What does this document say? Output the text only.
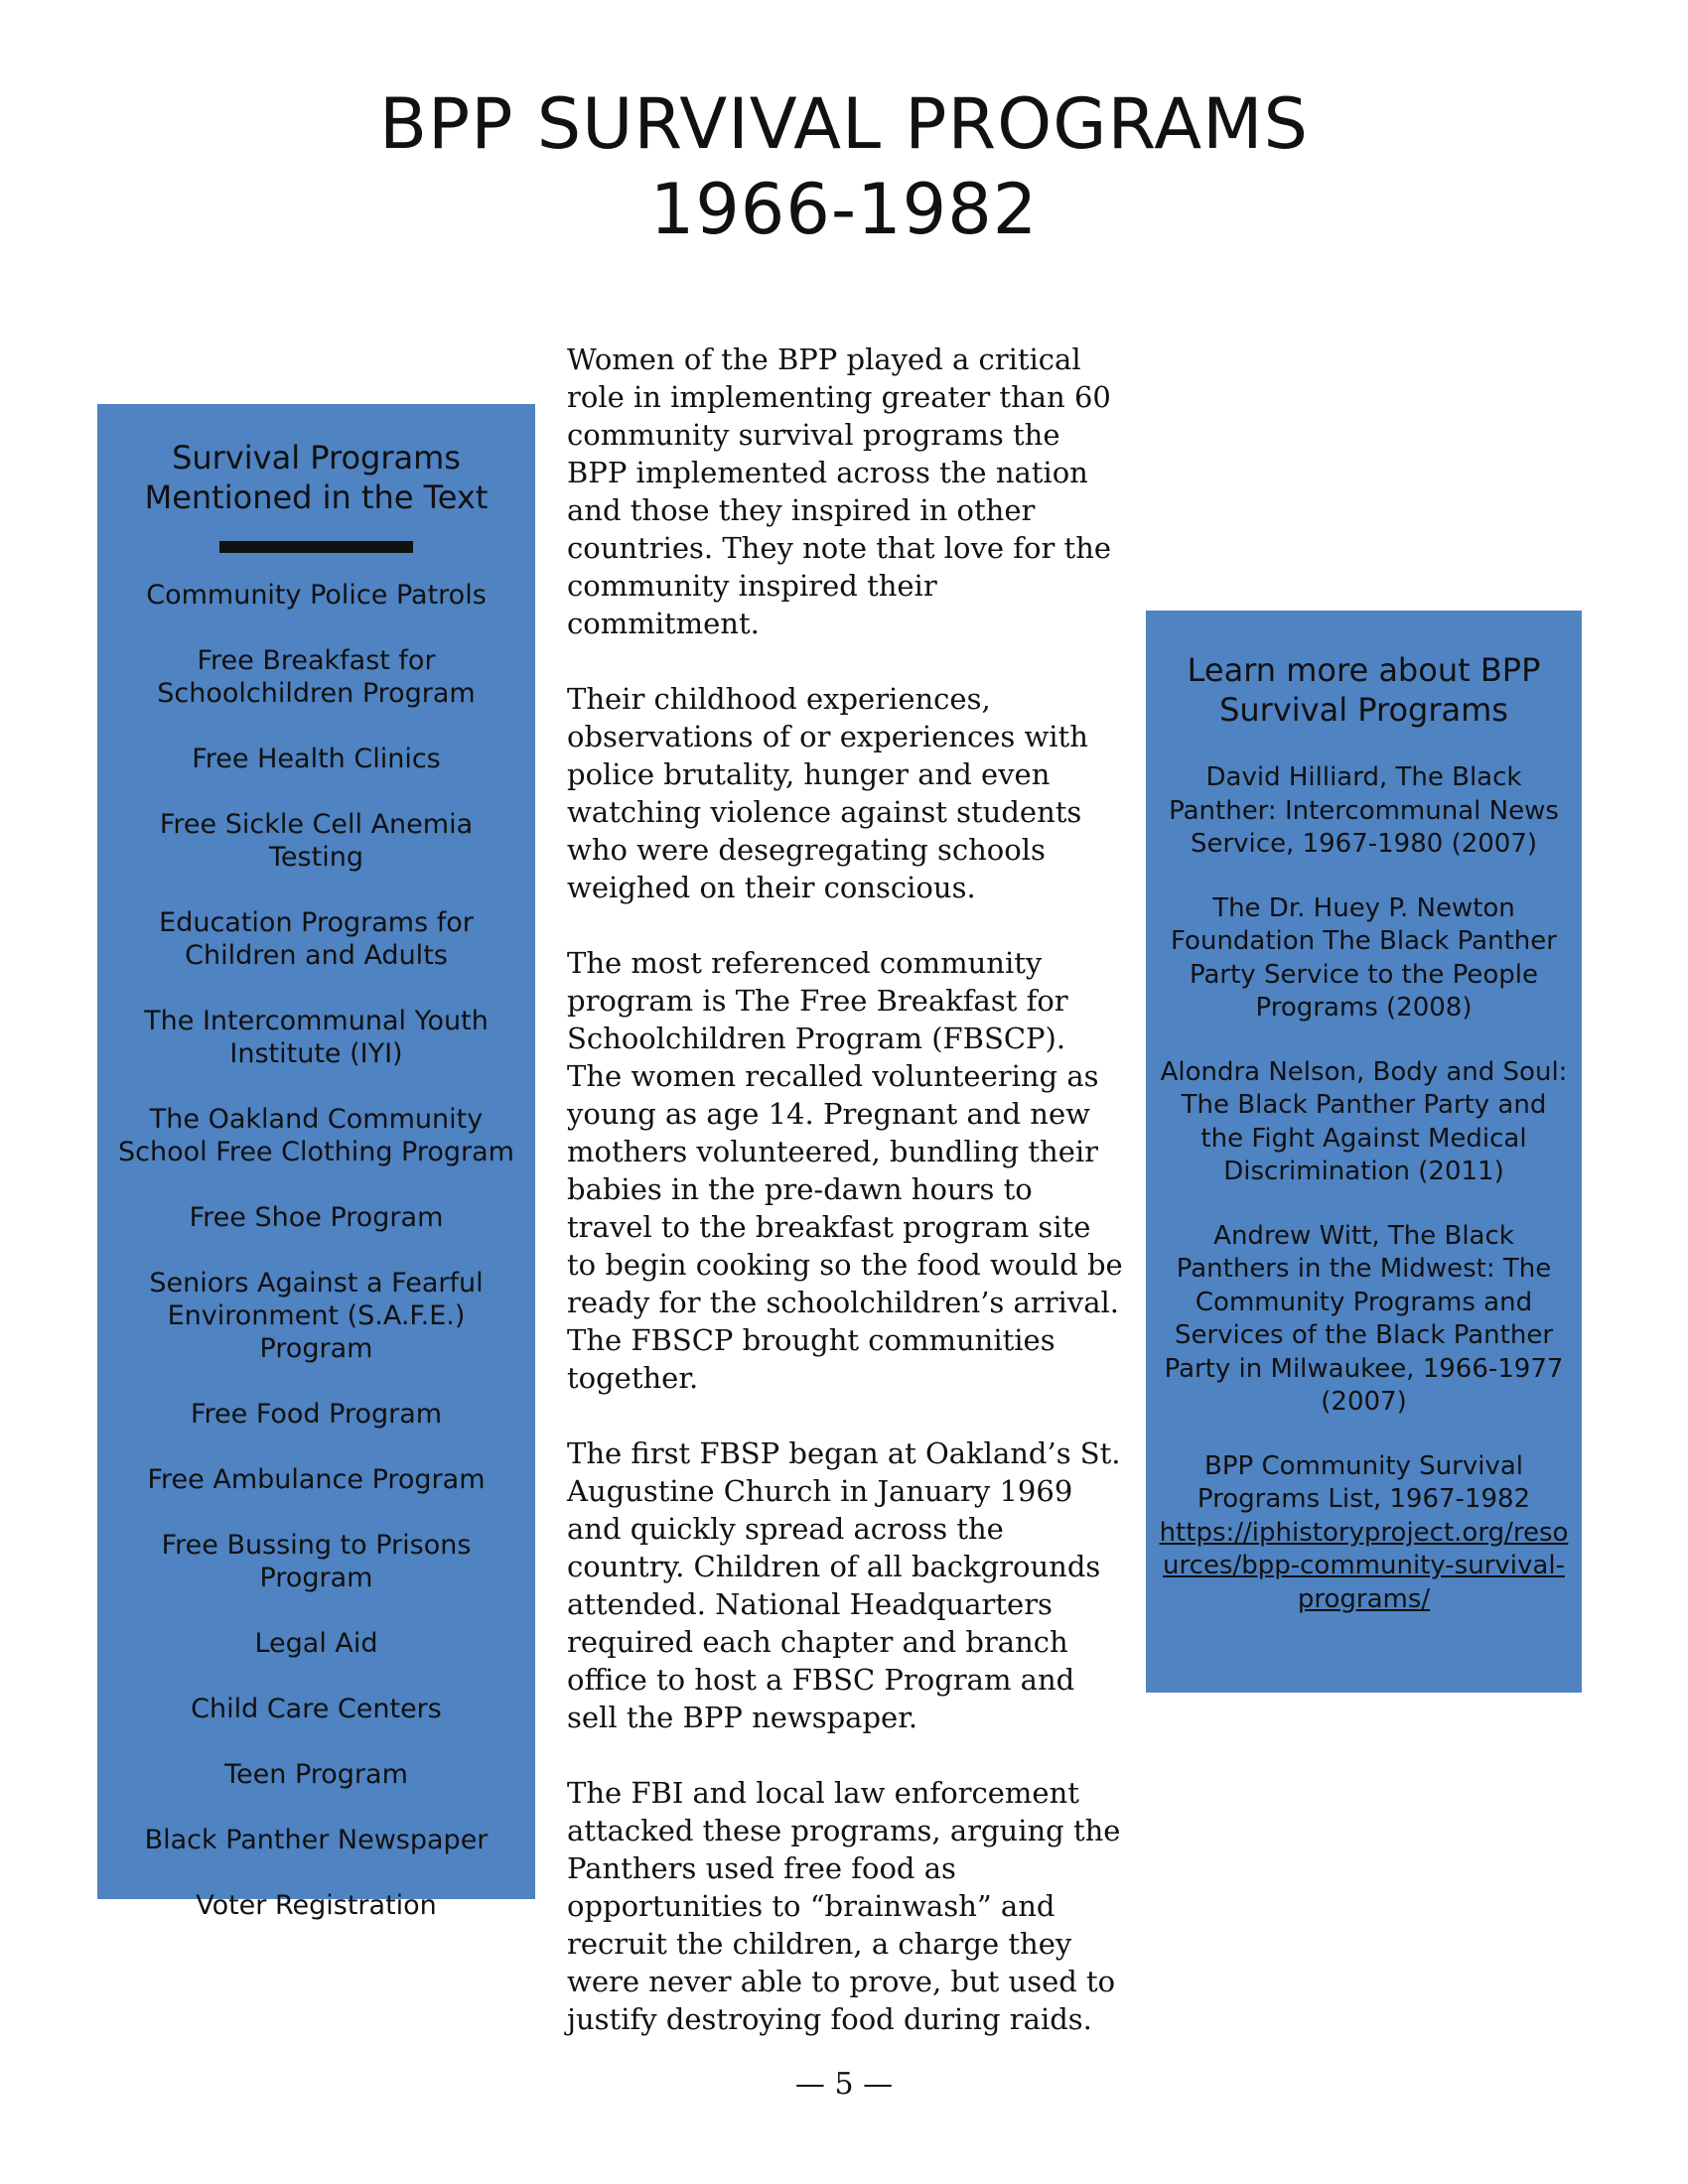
BPP SURVIVAL PROGRAMS
1966-1982
Survival Programs
Mentioned in the Text
Community Police Patrols
Free Breakfast for Schoolchildren Program
Free Health Clinics
Free Sickle Cell Anemia Testing
Education Programs for Children and Adults
The Intercommunal Youth Institute (IYI)
The Oakland Community School Free Clothing Program
Free Shoe Program
Seniors Against a Fearful Environment (S.A.F.E.) Program
Free Food Program
Free Ambulance Program
Free Bussing to Prisons Program
Legal Aid
Child Care Centers
Teen Program
Black Panther Newspaper
Voter Registration

Women of the BPP played a critical role in implementing greater than 60 community survival programs the BPP implemented across the nation and those they inspired in other countries. They note that love for the community inspired their commitment.

Their childhood experiences, observations of or experiences with police brutality, hunger and even watching violence against students who were desegregating schools weighed on their conscious.

The most referenced community program is The Free Breakfast for Schoolchildren Program (FBSCP). The women recalled volunteering as young as age 14. Pregnant and new mothers volunteered, bundling their babies in the pre-dawn hours to travel to the breakfast program site to begin cooking so the food would be ready for the schoolchildren’s arrival. The FBSCP brought communities together.

The first FBSP began at Oakland’s St. Augustine Church in January 1969 and quickly spread across the country. Children of all backgrounds attended. National Headquarters required each chapter and branch office to host a FBSC Program and sell the BPP newspaper.

The FBI and local law enforcement attacked these programs, arguing the Panthers used free food as opportunities to “brainwash” and recruit the children, a charge they were never able to prove, but used to justify destroying food during raids.

Learn more about BPP
Survival Programs
David Hilliard, The Black Panther: Intercommunal News Service, 1967-1980 (2007)
The Dr. Huey P. Newton Foundation The Black Panther Party Service to the People Programs (2008)
Alondra Nelson, Body and Soul: The Black Panther Party and the Fight Against Medical Discrimination (2011)
Andrew Witt, The Black Panthers in the Midwest: The Community Programs and Services of the Black Panther Party in Milwaukee, 1966-1977 (2007)
BPP Community Survival Programs List, 1967-1982
https://iphistoryproject.org/resources/bpp-community-survival-programs/
— 5 —
